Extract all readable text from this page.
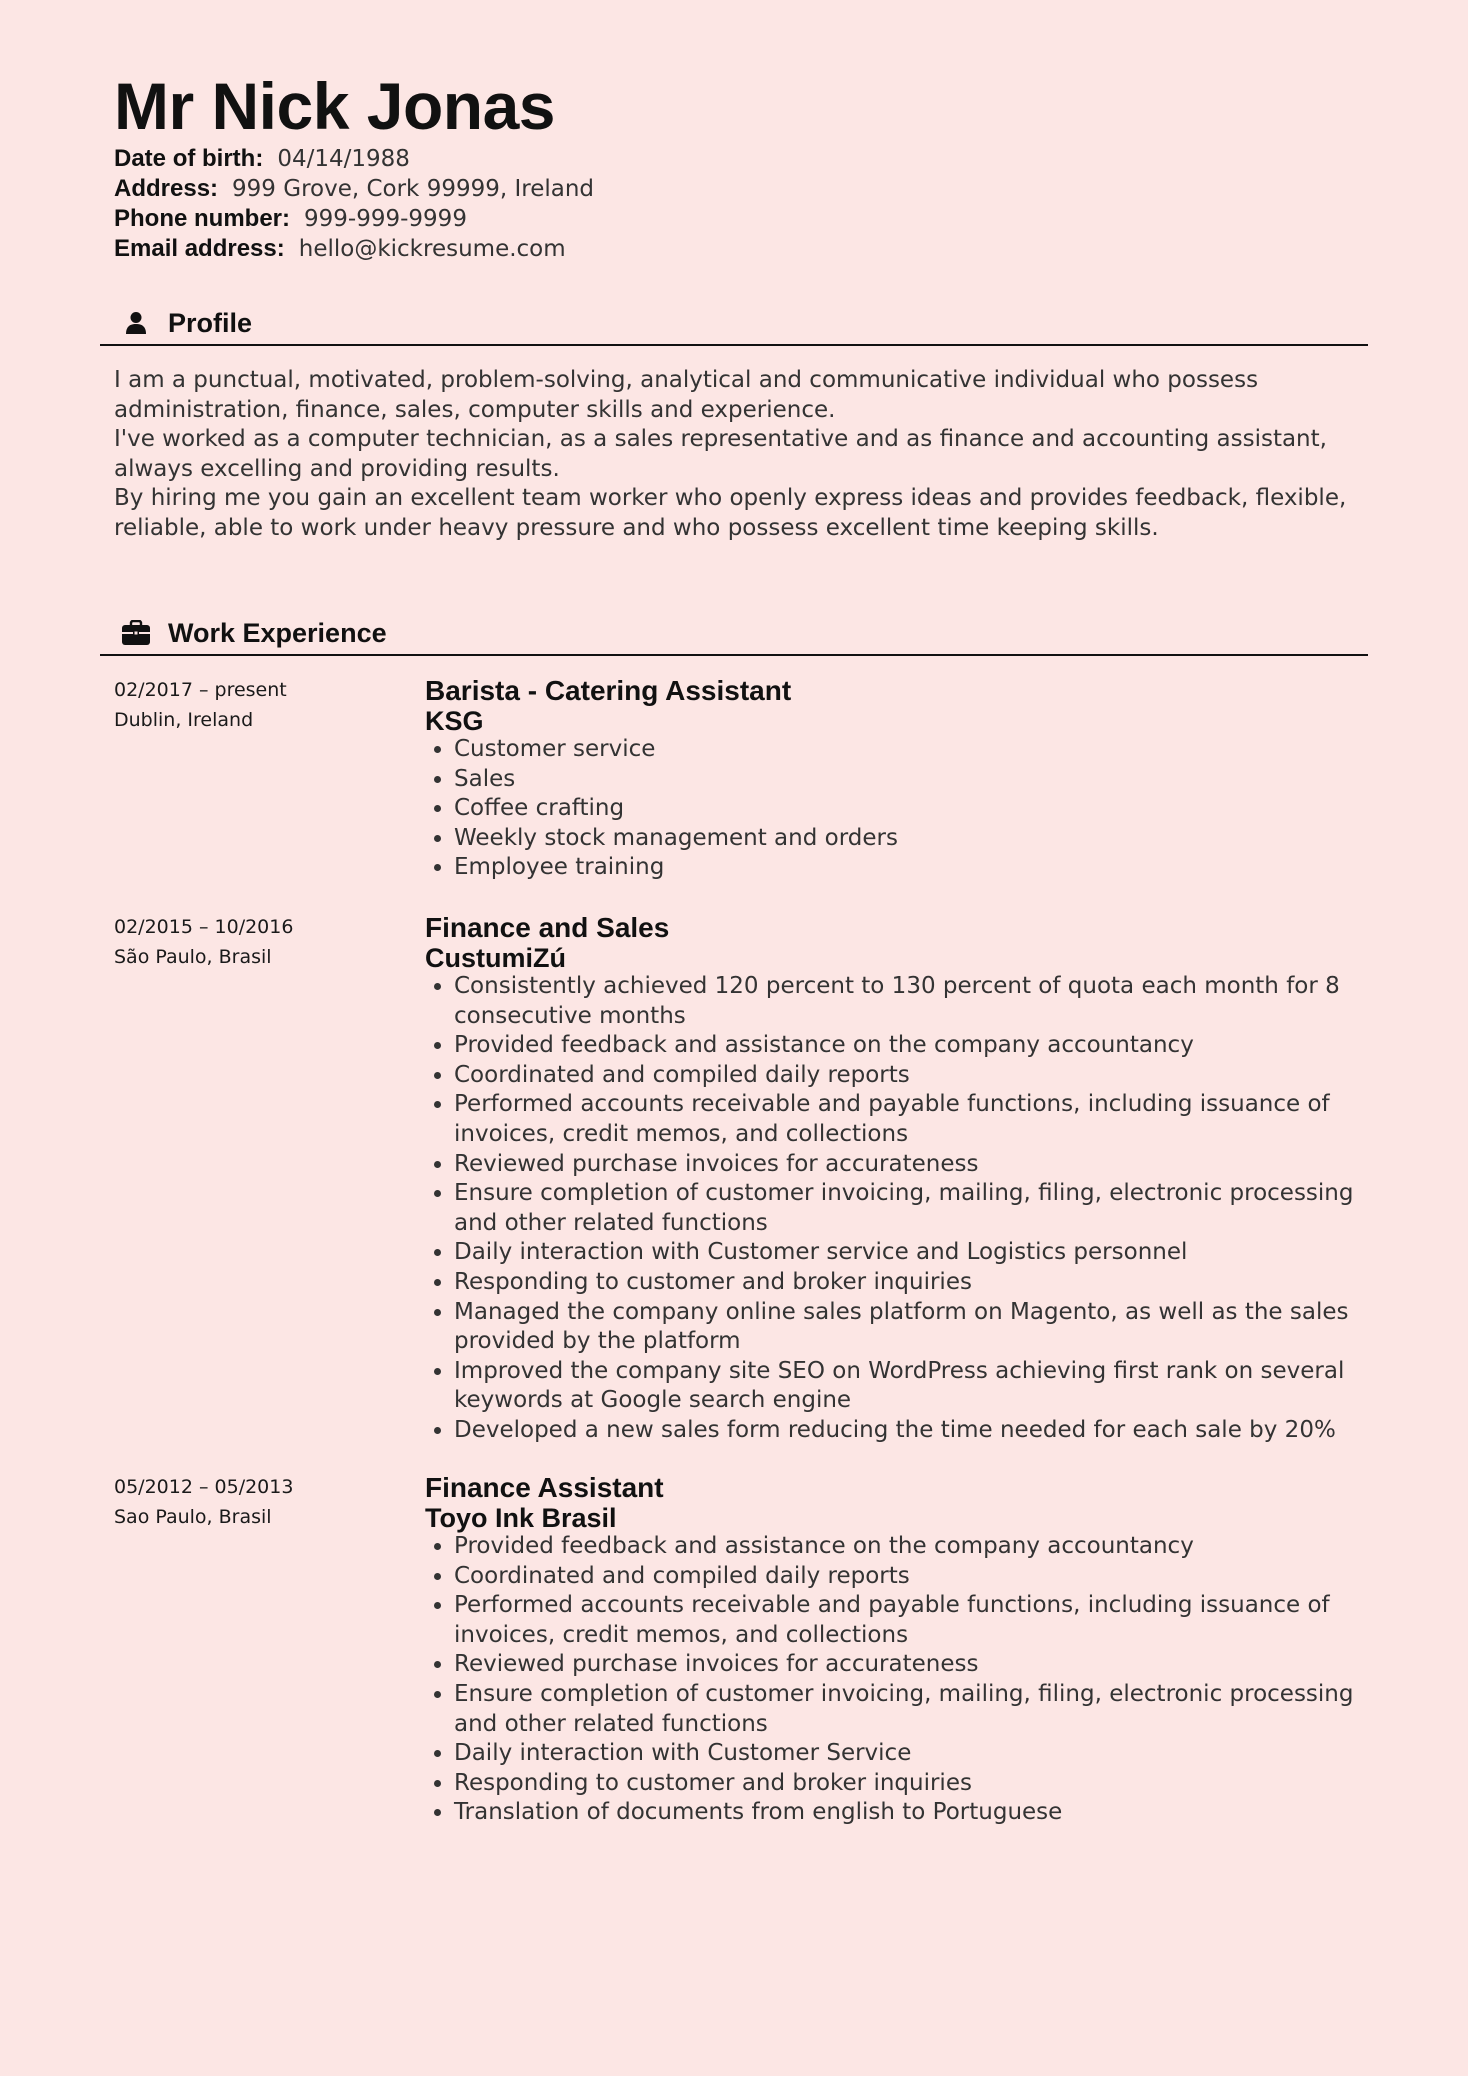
Mr Nick Jonas
Date of birth: 04/14/1988
Address: 999 Grove, Cork 99999, Ireland
Phone number: 999-999-9999
Email address: hello@kickresume.com
Profile

I am a punctual, motivated, problem-solving, analytical and communicative individual who possess administration, finance, sales, computer skills and experience.

I've worked as a computer technician, as a sales representative and as finance and accounting assistant, always excelling and providing results.

By hiring me you gain an excellent team worker who openly express ideas and provides feedback, flexible, reliable, able to work under heavy pressure and who possess excellent time keeping skills.

Work Experience
02/2017 – present
Dublin, Ireland
Barista - Catering Assistant
KSG
• Customer service
• Sales
• Coffee crafting
• Weekly stock management and orders
• Employee training
02/2015 – 10/2016
São Paulo, Brasil
Finance and Sales
CustumiZú
• Consistently achieved 120 percent to 130 percent of quota each month for 8 consecutive months
• Provided feedback and assistance on the company accountancy
• Coordinated and compiled daily reports
• Performed accounts receivable and payable functions, including issuance of invoices, credit memos, and collections
• Reviewed purchase invoices for accurateness
• Ensure completion of customer invoicing, mailing, filing, electronic processing and other related functions
• Daily interaction with Customer service and Logistics personnel
• Responding to customer and broker inquiries
• Managed the company online sales platform on Magento, as well as the sales provided by the platform
• Improved the company site SEO on WordPress achieving first rank on several keywords at Google search engine
• Developed a new sales form reducing the time needed for each sale by 20%
05/2012 – 05/2013
Sao Paulo, Brasil
Finance Assistant
Toyo Ink Brasil
• Provided feedback and assistance on the company accountancy
• Coordinated and compiled daily reports
• Performed accounts receivable and payable functions, including issuance of invoices, credit memos, and collections
• Reviewed purchase invoices for accurateness
• Ensure completion of customer invoicing, mailing, filing, electronic processing and other related functions
• Daily interaction with Customer Service
• Responding to customer and broker inquiries
• Translation of documents from english to Portuguese
